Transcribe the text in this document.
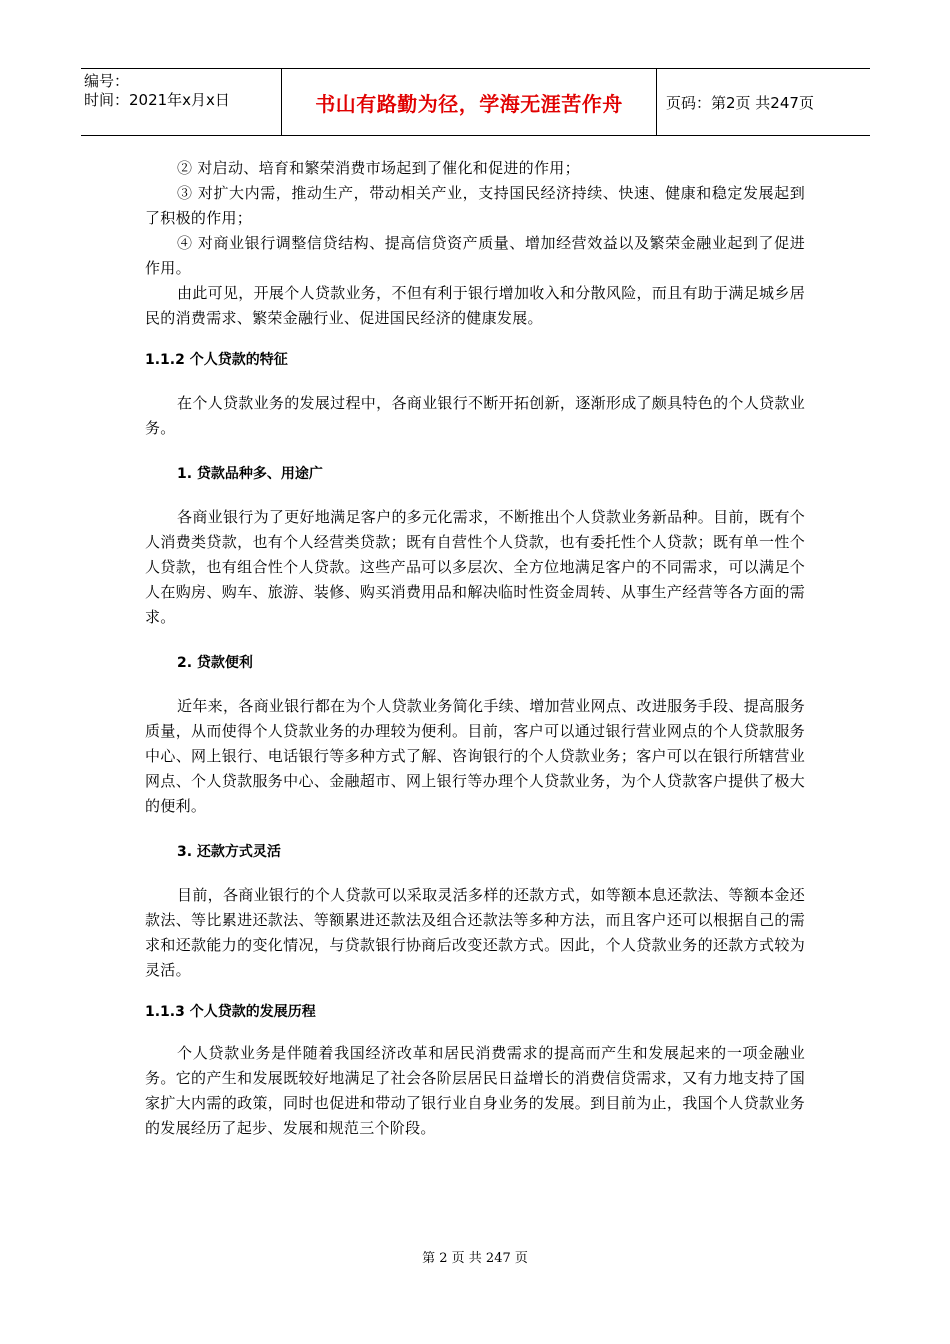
编号：
时间：2021年x月x日	书山有路勤为径，学海无涯苦作舟	页码：第2页 共247页

② 对启动、培育和繁荣消费市场起到了催化和促进的作用；

③ 对扩大内需，推动生产，带动相关产业，支持国民经济持续、快速、健康和稳定发展起到了积极的作用；

④ 对商业银行调整信贷结构、提高信贷资产质量、增加经营效益以及繁荣金融业起到了促进作用。

由此可见，开展个人贷款业务，不但有利于银行增加收入和分散风险，而且有助于满足城乡居民的消费需求、繁荣金融行业、促进国民经济的健康发展。

1.1.2 个人贷款的特征

在个人贷款业务的发展过程中，各商业银行不断开拓创新，逐渐形成了颇具特色的个人贷款业务。

1. 贷款品种多、用途广

各商业银行为了更好地满足客户的多元化需求，不断推出个人贷款业务新品种。目前，既有个人消费类贷款，也有个人经营类贷款；既有自营性个人贷款，也有委托性个人贷款；既有单一性个人贷款，也有组合性个人贷款。这些产品可以多层次、全方位地满足客户的不同需求，可以满足个人在购房、购车、旅游、装修、购买消费用品和解决临时性资金周转、从事生产经营等各方面的需求。

2. 贷款便利

近年来，各商业银行都在为个人贷款业务简化手续、增加营业网点、改进服务手段、提高服务质量，从而使得个人贷款业务的办理较为便利。目前，客户可以通过银行营业网点的个人贷款服务中心、网上银行、电话银行等多种方式了解、咨询银行的个人贷款业务；客户可以在银行所辖营业网点、个人贷款服务中心、金融超市、网上银行等办理个人贷款业务，为个人贷款客户提供了极大的便利。

3. 还款方式灵活

目前，各商业银行的个人贷款可以采取灵活多样的还款方式，如等额本息还款法、等额本金还款法、等比累进还款法、等额累进还款法及组合还款法等多种方法，而且客户还可以根据自己的需求和还款能力的变化情况，与贷款银行协商后改变还款方式。因此，个人贷款业务的还款方式较为灵活。

1.1.3 个人贷款的发展历程

个人贷款业务是伴随着我国经济改革和居民消费需求的提高而产生和发展起来的一项金融业务。它的产生和发展既较好地满足了社会各阶层居民日益增长的消费信贷需求，又有力地支持了国家扩大内需的政策，同时也促进和带动了银行业自身业务的发展。到目前为止，我国个人贷款业务的发展经历了起步、发展和规范三个阶段。

第 2 页 共 247 页
